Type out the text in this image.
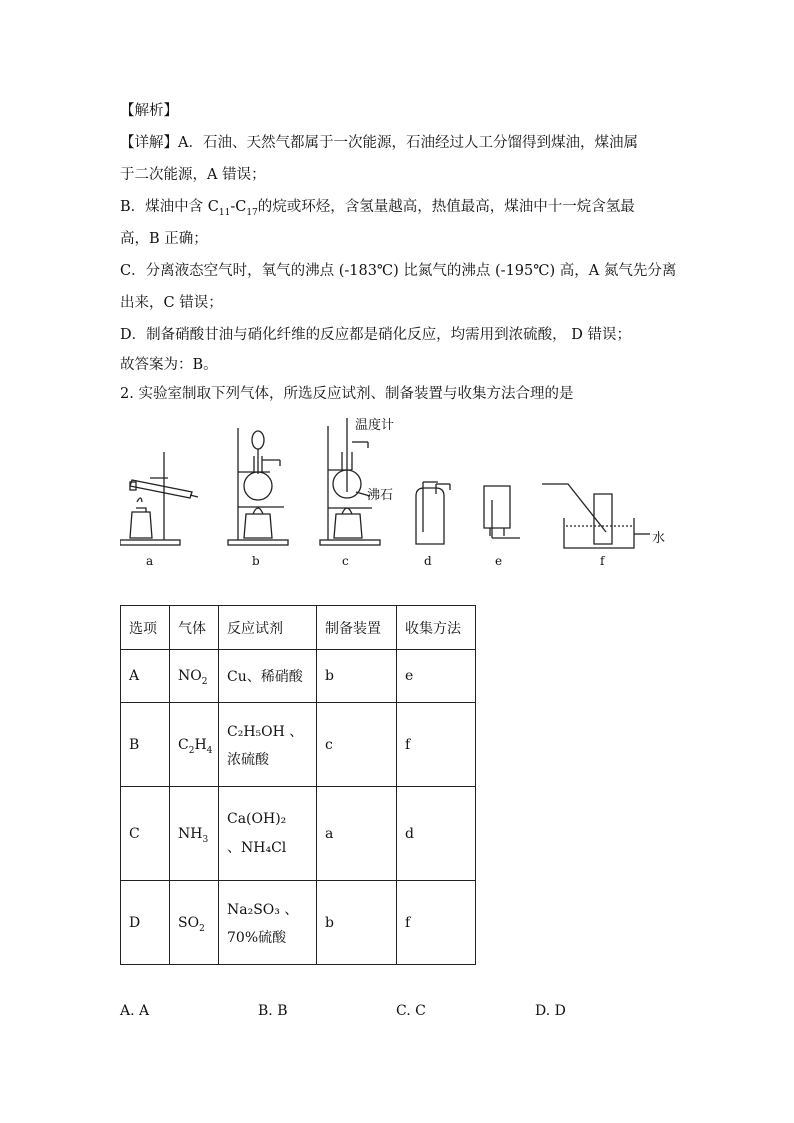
【解析】
【详解】A．石油、天然气都属于一次能源，石油经过人工分馏得到煤油，煤油属
于二次能源，A 错误；
B．煤油中含 $C_{11}-C_{17}$的烷或环烃，含氢量越高，热值最高，煤油中十一烷含氢最
高，B 正确；
C．分离液态空气时，氧气的沸点 (-183℃) 比氮气的沸点 (-195℃) 高，A 氮气先分离
出来，C 错误；
D．制备硝酸甘油与硝化纤维的反应都是硝化反应，均需用到浓硫酸， D 错误；
故答案为：B。
2. 实验室制取下列气体，所选反应试剂、制备装置与收集方法合理的是
温度计
沸石
水
a	b	c	d	e	f
选项	气体	反应试剂	制备装置	收集方法
A	$NO_2$	Cu、稀硝酸	b	e
B	$C_2H_4$	C₂H₅OH 、
浓硫酸	c	f
C	$NH_3$	Ca(OH)₂
、NH₄Cl	a	d
D	$SO_2$	Na₂SO₃ 、
70%硫酸	b	f
A. A	B. B	C. C	D. D
